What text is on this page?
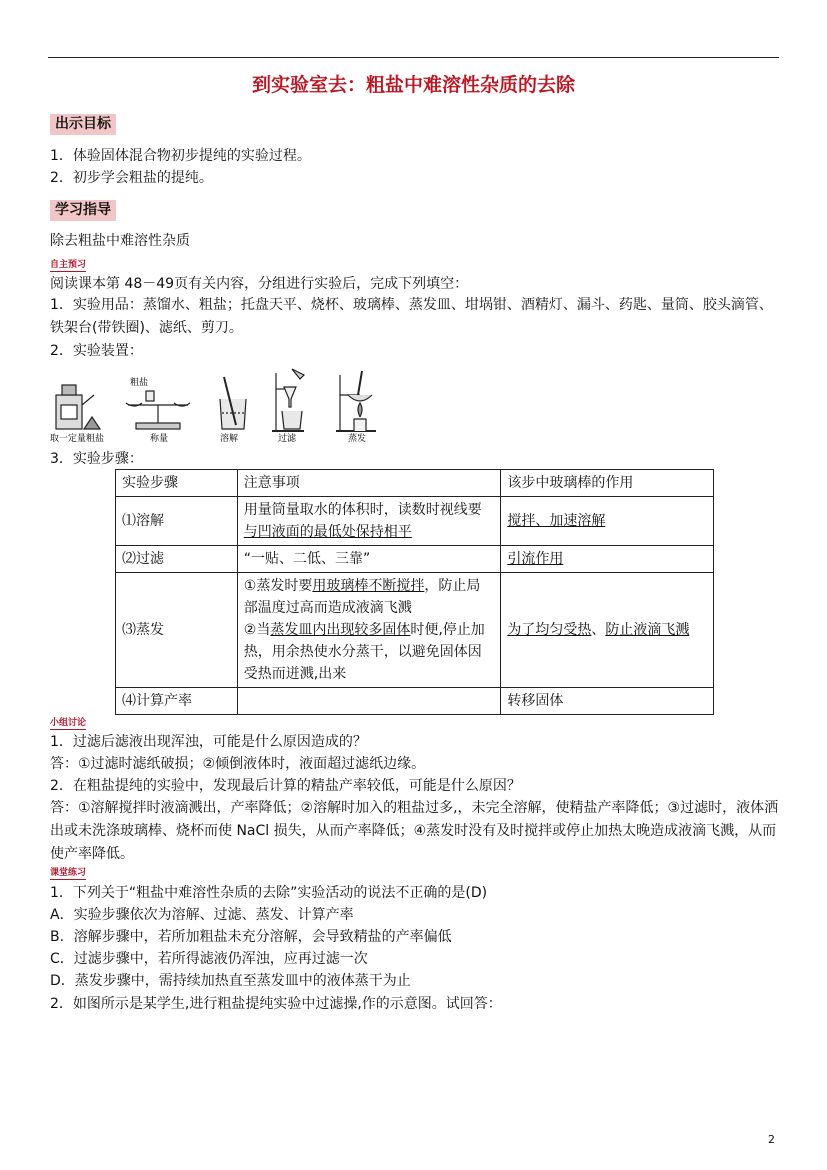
到实验室去：粗盐中难溶性杂质的去除
出示目标
1．体验固体混合物初步提纯的实验过程。
2．初步学会粗盐的提纯。
学习指导
除去粗盐中难溶性杂质
自主预习
阅读课本第 48－49页有关内容，分组进行实验后，完成下列填空：
1．实验用品：蒸馏水、粗盐；托盘天平、烧杯、玻璃棒、蒸发皿、坩埚钳、酒精灯、漏斗、药匙、量筒、胶头滴管、铁架台(带铁圈)、滤纸、剪刀。
2．实验装置：
粗盐
取一定量粗盐	称量	溶解	过滤	蒸发
3．实验步骤：
实验步骤	注意事项	该步中玻璃棒的作用
⑴溶解	用量筒量取水的体积时，读数时视线要
与凹液面的最低处保持相平	搅拌、加速溶解
⑵过滤	“一贴、二低、三靠”	引流作用
⑶蒸发	①蒸发时要用玻璃棒不断搅拌，防止局部温度过高而造成液滴飞溅
②当蒸发皿内出现较多固体时便,停止加热，用余热使水分蒸干，以避免固体因受热而迸溅,出来	为了均匀受热、防止液滴飞溅
⑷计算产率		转移固体
小组讨论
1．过滤后滤液出现浑浊，可能是什么原因造成的？
答：①过滤时滤纸破损；②倾倒液体时，液面超过滤纸边缘。
2．在粗盐提纯的实验中，发现最后计算的精盐产率较低，可能是什么原因？
答：①溶解搅拌时液滴溅出，产率降低；②溶解时加入的粗盐过多,，未完全溶解，使精盐产率降低；③过滤时，液体洒出或未洗涤玻璃棒、烧杯而使 NaCl 损失，从而产率降低；④蒸发时没有及时搅拌或停止加热太晚造成液滴飞溅，从而使产率降低。
课堂练习
1．下列关于“粗盐中难溶性杂质的去除”实验活动的说法不正确的是(D)
A．实验步骤依次为溶解、过滤、蒸发、计算产率
B．溶解步骤中，若所加粗盐未充分溶解，会导致精盐的产率偏低
C．过滤步骤中，若所得滤液仍浑浊，应再过滤一次
D．蒸发步骤中，需持续加热直至蒸发皿中的液体蒸干为止
2．如图所示是某学生,进行粗盐提纯实验中过滤操,作的示意图。试回答：
2
